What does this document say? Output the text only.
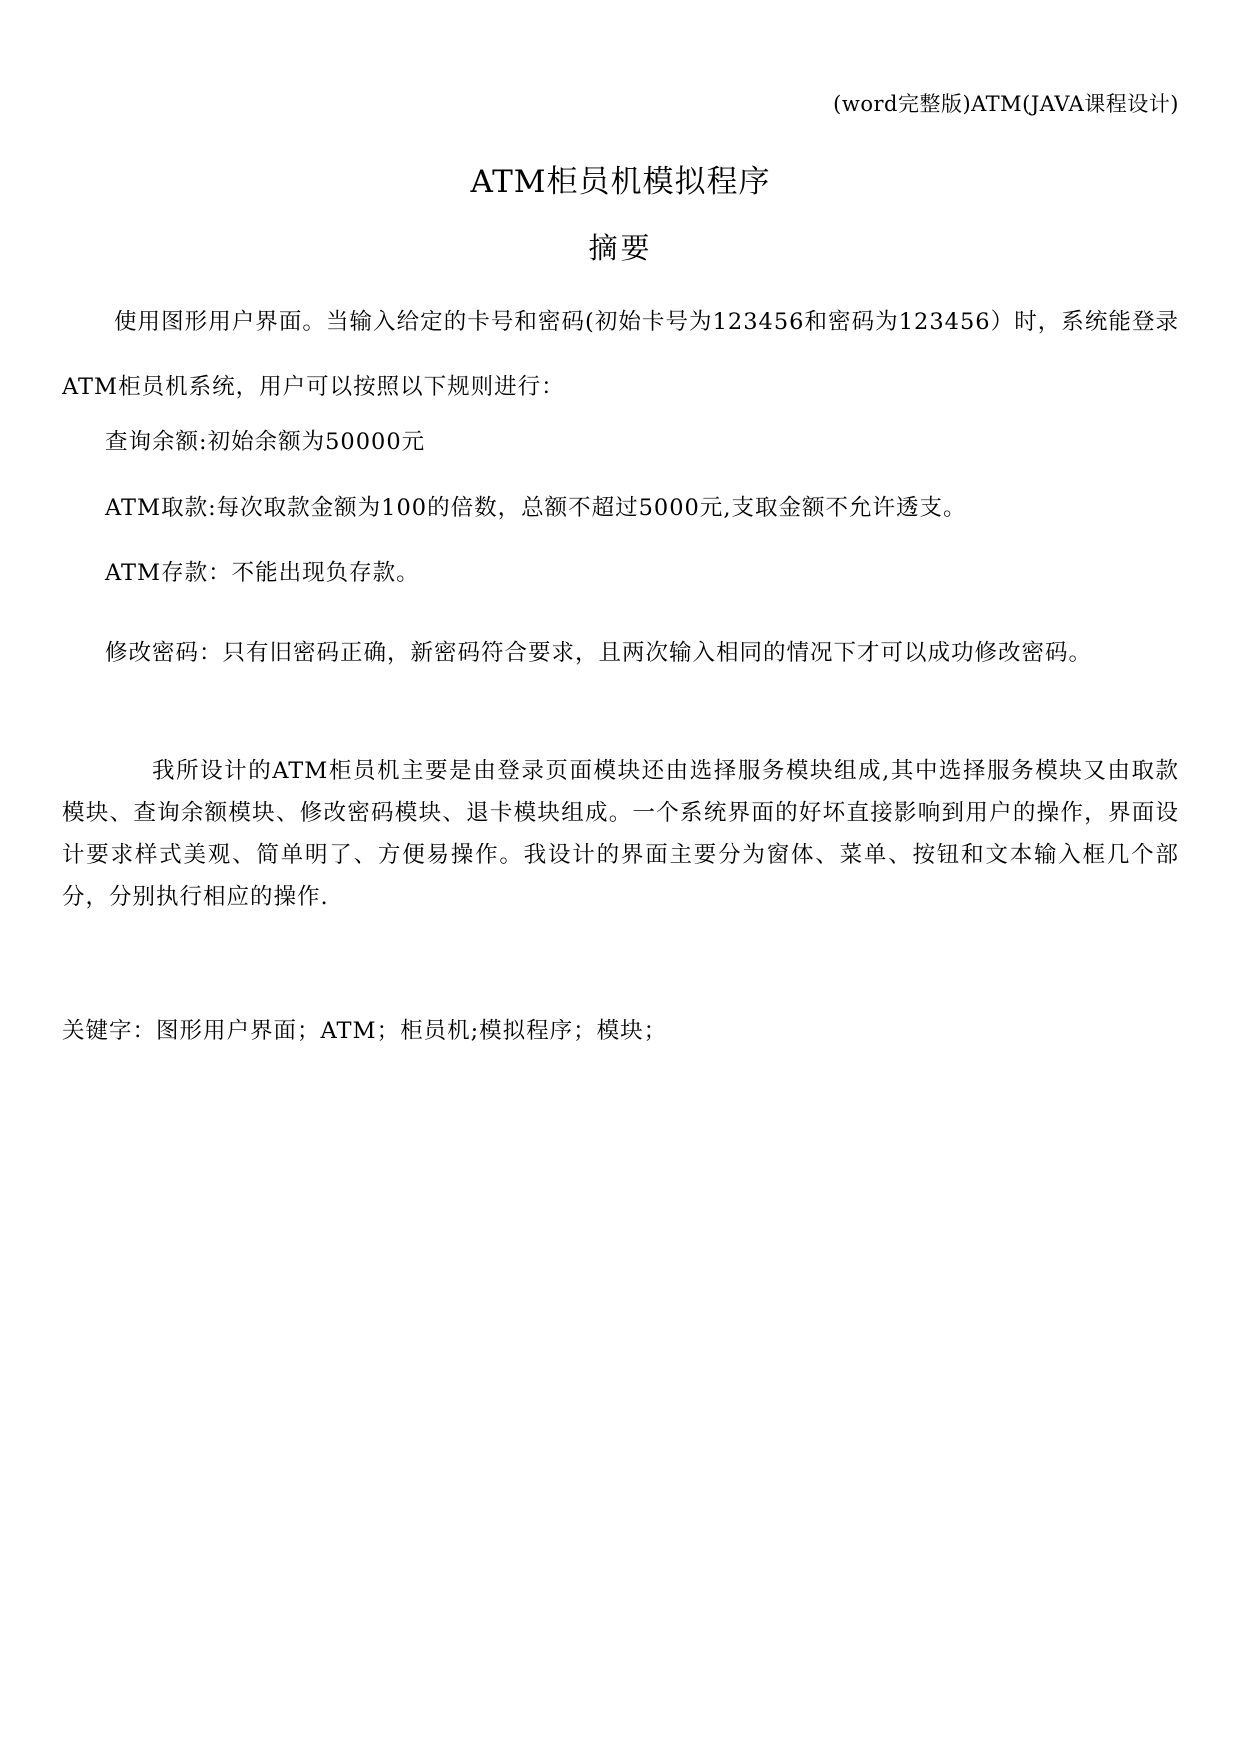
(word完整版)ATM(JAVA课程设计)
ATM柜员机模拟程序
摘要
使用图形用户界面。当输入给定的卡号和密码(初始卡号为123456和密码为123456）时，系统能登录ATM柜员机系统，用户可以按照以下规则进行：
查询余额:初始余额为50000元
ATM取款:每次取款金额为100的倍数，总额不超过5000元,支取金额不允许透支。
ATM存款：不能出现负存款。
修改密码：只有旧密码正确，新密码符合要求，且两次输入相同的情况下才可以成功修改密码。
我所设计的ATM柜员机主要是由登录页面模块还由选择服务模块组成,其中选择服务模块又由取款模块、查询余额模块、修改密码模块、退卡模块组成。一个系统界面的好坏直接影响到用户的操作，界面设计要求样式美观、简单明了、方便易操作。我设计的界面主要分为窗体、菜单、按钮和文本输入框几个部分，分别执行相应的操作.
关键字：图形用户界面；ATM；柜员机;模拟程序；模块；
